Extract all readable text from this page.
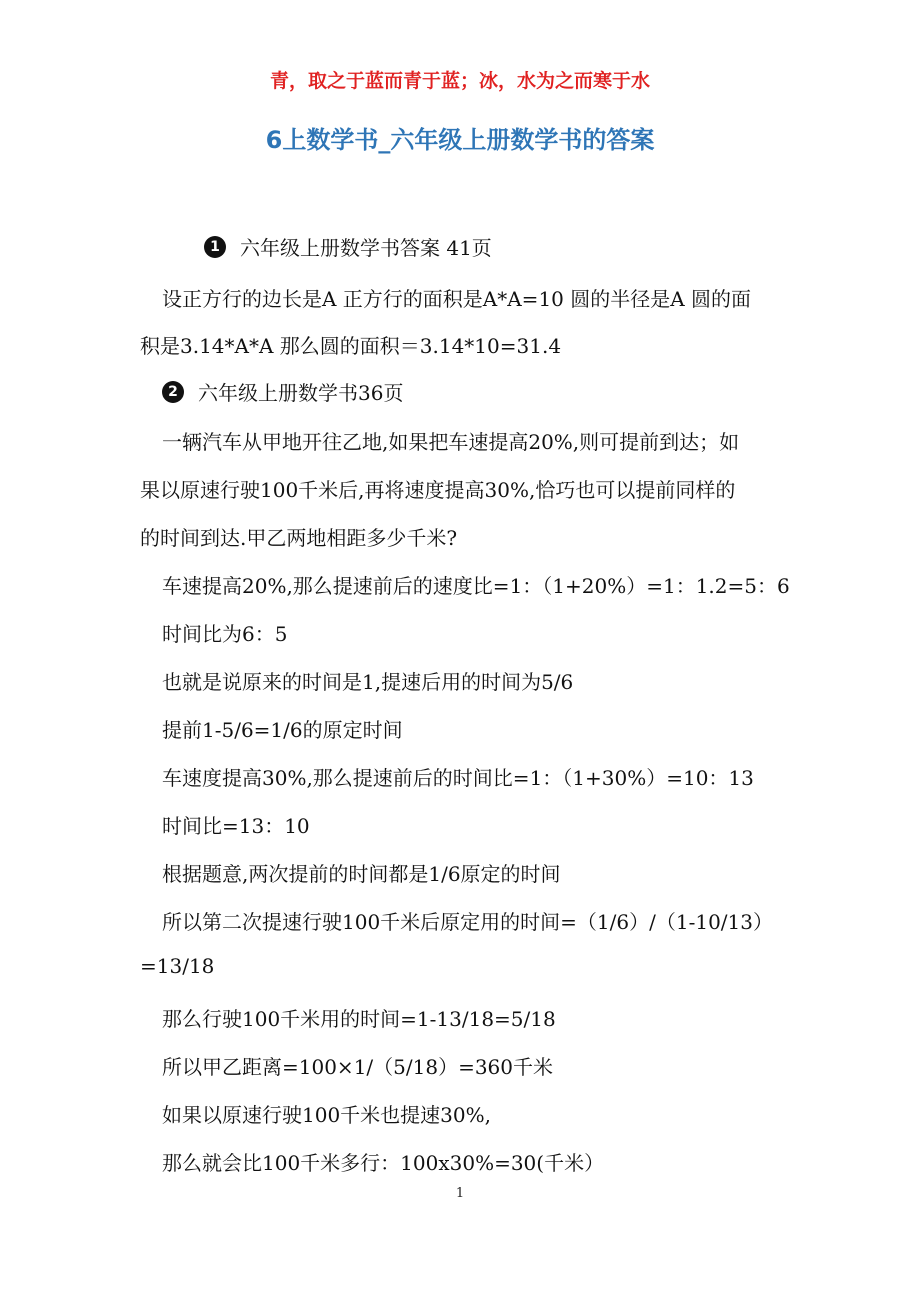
青，取之于蓝而青于蓝；冰，水为之而寒于水
6上数学书_六年级上册数学书的答案
1	六年级上册数学书答案 41页
设正方行的边长是A 正方行的面积是A*A=10 圆的半径是A 圆的面
积是3.14*A*A 那么圆的面积＝3.14*10=31.4
2	六年级上册数学书36页
一辆汽车从甲地开往乙地,如果把车速提高20%,则可提前到达；如
果以原速行驶100千米后,再将速度提高30%,恰巧也可以提前同样的
的时间到达.甲乙两地相距多少千米?
车速提高20%,那么提速前后的速度比=1：（1+20%）=1：1.2=5：6
时间比为6：5
也就是说原来的时间是1,提速后用的时间为5/6
提前1-5/6=1/6的原定时间
车速度提高30%,那么提速前后的时间比=1：（1+30%）=10：13
时间比=13：10
根据题意,两次提前的时间都是1/6原定的时间
所以第二次提速行驶100千米后原定用的时间=（1/6）/（1-10/13）
=13/18
那么行驶100千米用的时间=1-13/18=5/18
所以甲乙距离=100×1/（5/18）=360千米
如果以原速行驶100千米也提速30%,
那么就会比100千米多行：100x30%=30(千米）
1
